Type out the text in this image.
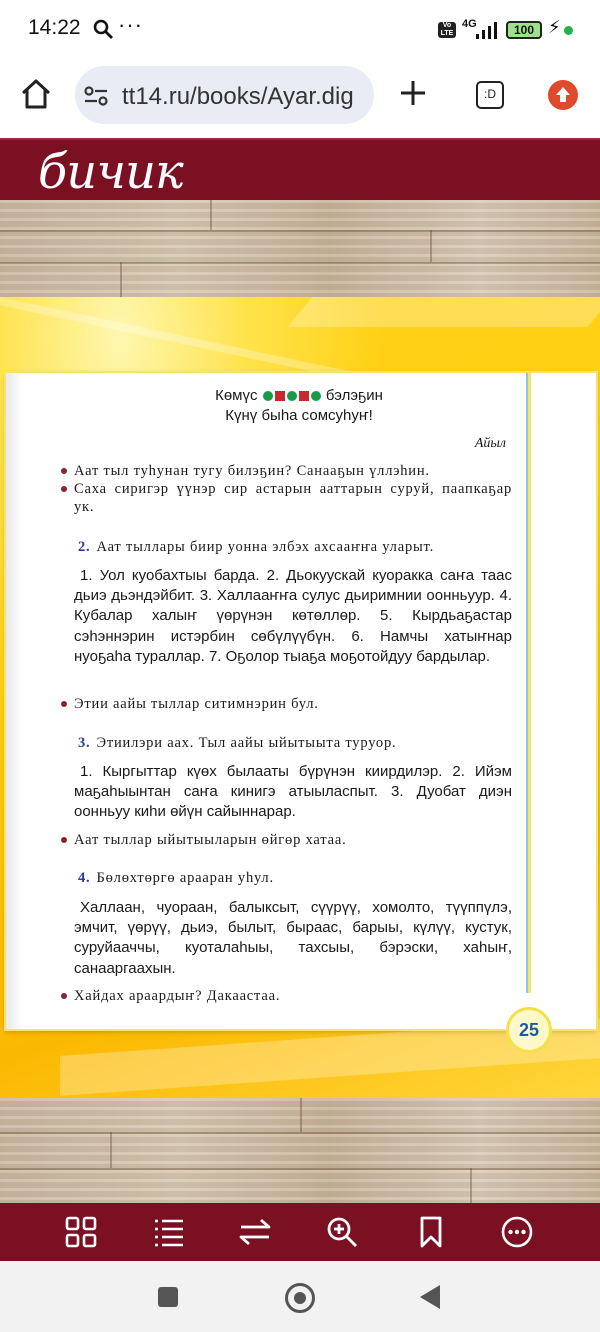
14:22 ···	Vo LTE
4G	100 ⚡
tt14.ru/books/Ayar.dig	:D
бичик
Көмүс	бэлэҕин
Күнү быһа сомсуһуҥ!
Айыл
Аат тыл туһунан тугу билэҕин? Санааҕын үллэһин.
Саха сиригэр үүнэр сир астарын ааттарын суруй, паапкаҕар ук.
2. Аат тыллары биир уонна элбэх ахсааҥҥа уларыт.
1. Уол куобахтыы барда. 2. Дьокуускай куоракка саҥа таас дьиэ дьэндэйбит. 3. Халлааҥҥа сулус дьиримнии оонньуур. 4. Кубалар халыҥ үөрүнэн көтөллөр. 5. Кырдьаҕастар сэһэннэрин истэрбин сөбүлүүбүн. 6. Намчы хатыҥнар нуоҕаһа тураллар. 7. Оҕолор тыаҕа моҕотойдуу бардылар.
Этии аайы тыллар ситимнэрин бул.
3. Этиилэри аах. Тыл аайы ыйытыыта туруор.
1. Кыргыттар күөх былааты бүрүнэн киирдилэр. 2. Ийэм маҕаһыынтан саҥа кинигэ атыыласпыт. 3. Дуобат диэн оонньуу киһи өйүн сайыннарар.
Аат тыллар ыйытыыларын өйгөр хатаа.
4. Бөлөхтөргө арааран уһул.
Халлаан, чуораан, балыксыт, сүүрүү, хомолто, түүппүлэ, эмчит, үөрүү, дьиэ, былыт, быраас, барыы, күлүү, кустук, суруйааччы, куоталаһыы, тахсыы, бэрэски, хаһыҥ, санааргаахын.
Хайдах араардыҥ? Дакаастаа.
25
